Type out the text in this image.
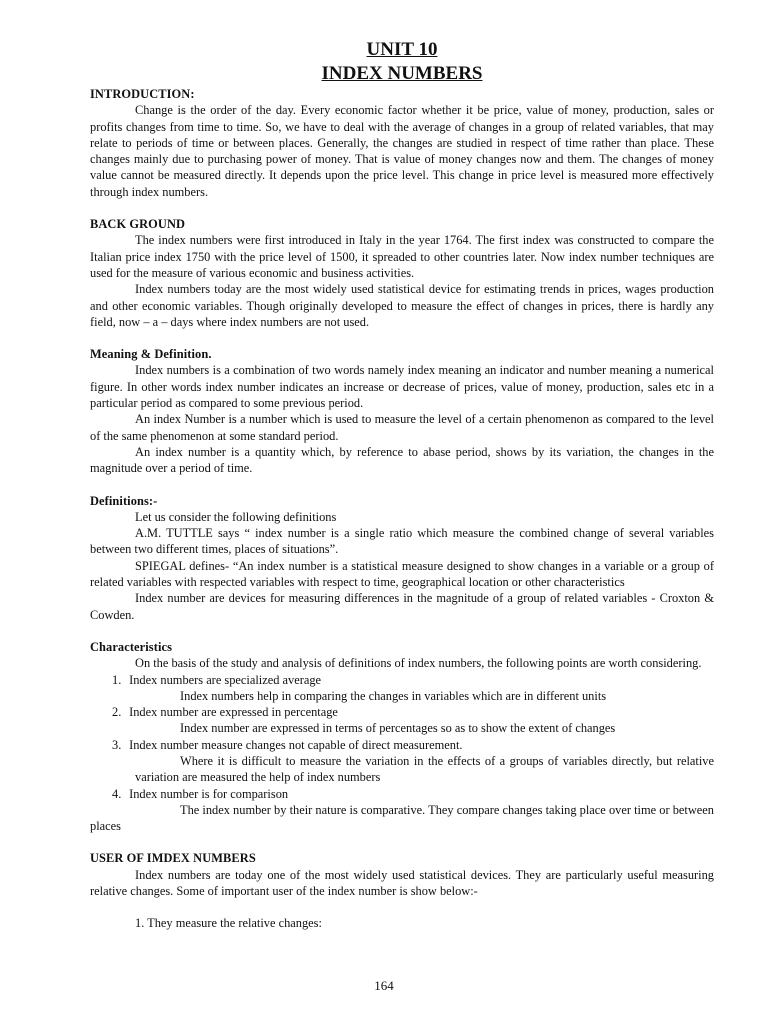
UNIT 10
INDEX NUMBERS

INTRODUCTION:

Change is the order of the day. Every economic factor whether it be price, value of money, production, sales or profits changes from time to time. So, we have to deal with the average of changes in a group of related variables, that may relate to periods of time or between places. Generally, the changes are studied in respect of time rather than place. These changes mainly due to purchasing power of money. That is value of money changes now and them. The changes of money value cannot be measured directly. It depends upon the price level. This change in price level is measured more effectively through index numbers.

BACK GROUND

The index numbers were first introduced in Italy in the year 1764. The first index was constructed to compare the Italian price index 1750 with the price level of 1500, it spreaded to other countries later. Now index number techniques are used for the measure of various economic and business activities.

Index numbers today are the most widely used statistical device for estimating trends in prices, wages production and other economic variables. Though originally developed to measure the effect of changes in prices, there is hardly any field, now – a – days where index numbers are not used.

Meaning & Definition.

Index numbers is a combination of two words namely index meaning an indicator and number meaning a numerical figure. In other words index number indicates an increase or decrease of prices, value of money, production, sales etc in a particular period as compared to some previous period.

An index Number is a number which is used to measure the level of a certain phenomenon as compared to the level of the same phenomenon at some standard period.

An index number is a quantity which, by reference to abase period, shows by its variation, the changes in the magnitude over a period of time.

Definitions:-

Let us consider the following definitions

A.M. TUTTLE says “ index number is a single ratio which measure the combined change of several variables between two different times, places of situations”.

SPIEGAL defines- “An index number is a statistical measure designed to show changes in a variable or a group of related variables with respected variables with respect to time, geographical location or other characteristics

Index number are devices for measuring differences in the magnitude of a group of related variables - Croxton & Cowden.

Characteristics

On the basis of the study and analysis of definitions of index numbers, the following points are worth considering.

1. Index numbers are specialized average
Index numbers help in comparing the changes in variables which are in different units
2. Index number are expressed in percentage
Index number are expressed in terms of percentages so as to show the extent of changes
3. Index number measure changes not capable of direct measurement.
Where it is difficult to measure the variation in the effects of a groups of variables directly, but relative variation are measured the help of index numbers
4. Index number is for comparison
The index number by their nature is comparative. They compare changes taking place over time or between places

USER OF IMDEX NUMBERS

Index numbers are today one of the most widely used statistical devices. They are particularly useful measuring relative changes. Some of important user of the index number is show below:-

1. They measure the relative changes:

164
